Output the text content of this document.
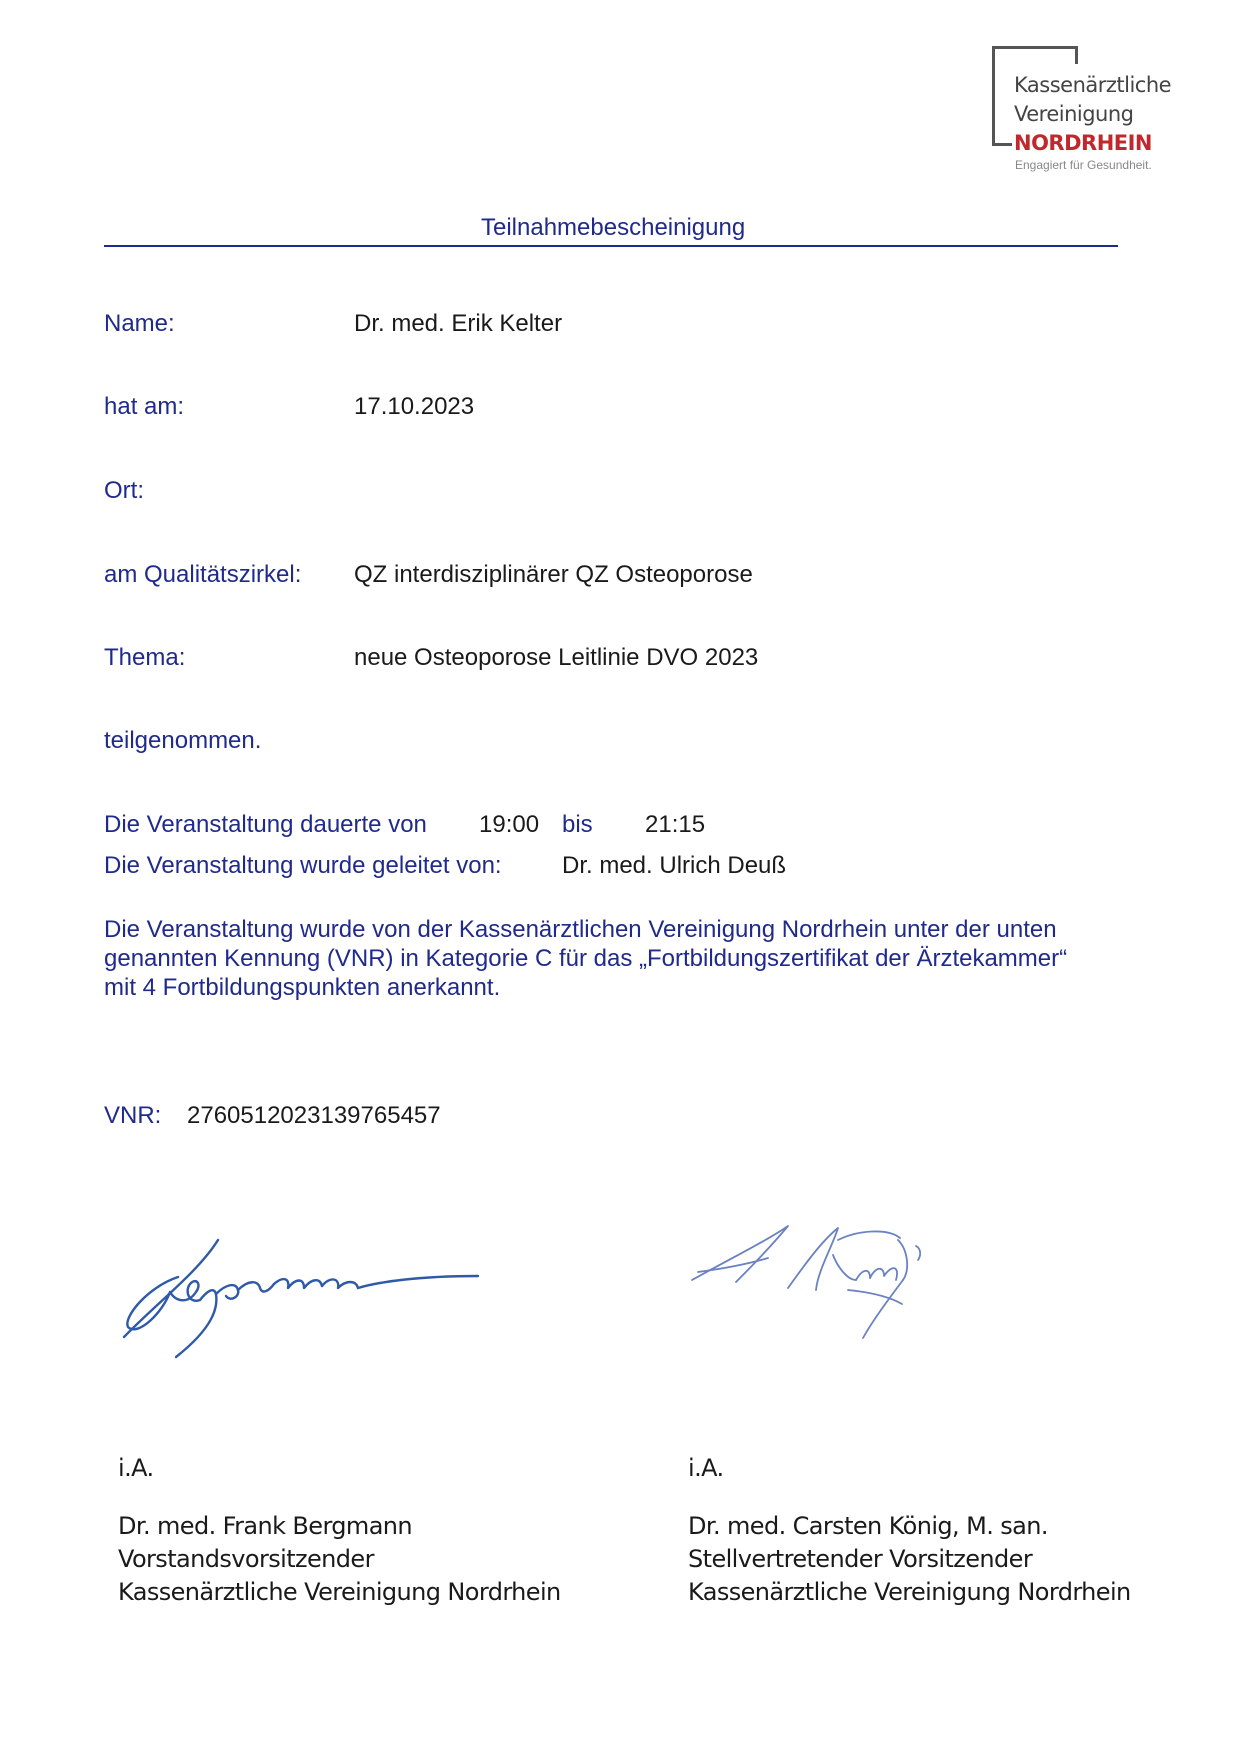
Kassenärztliche
Vereinigung
NORDRHEIN
Engagiert für Gesundheit.
Teilnahmebescheinigung
Name:	Dr. med. Erik Kelter
hat am:	17.10.2023
Ort:
am Qualitätszirkel: QZ interdisziplinärer QZ Osteoporose
Thema:	neue Osteoporose Leitlinie DVO 2023
teilgenommen.
Die Veranstaltung dauerte von 19:00 bis 21:15
Die Veranstaltung wurde geleitet von:	Dr. med. Ulrich Deuß
Die Veranstaltung wurde von der Kassenärztlichen Vereinigung Nordrhein unter der unten
genannten Kennung (VNR) in Kategorie C für das „Fortbildungszertifikat der Ärztekammer“
mit 4 Fortbildungspunkten anerkannt.
VNR: 2760512023139765457
i.A.
Dr. med. Frank Bergmann
Vorstandsvorsitzender
Kassenärztliche Vereinigung Nordrhein
i.A.
Dr. med. Carsten König, M. san.
Stellvertretender Vorsitzender
Kassenärztliche Vereinigung Nordrhein
